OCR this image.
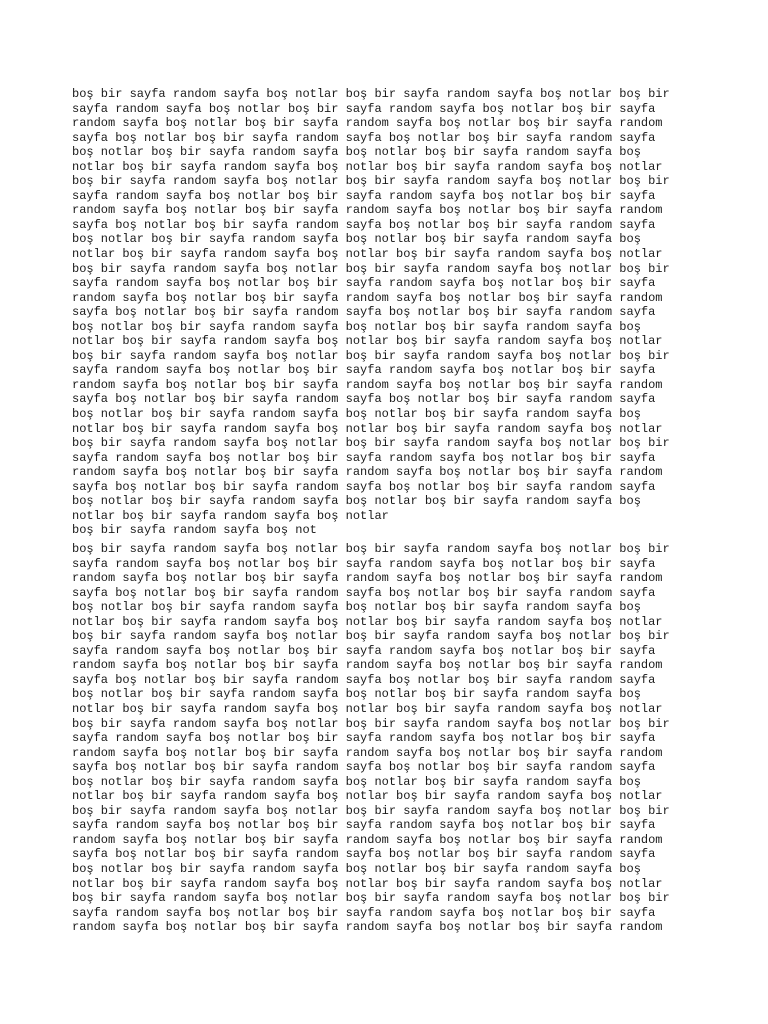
boş bir sayfa random sayfa boş notlar boş bir sayfa random sayfa boş notlar boş bir
sayfa random sayfa boş notlar boş bir sayfa random sayfa boş notlar boş bir sayfa
random sayfa boş notlar boş bir sayfa random sayfa boş notlar boş bir sayfa random
sayfa boş notlar boş bir sayfa random sayfa boş notlar boş bir sayfa random sayfa
boş notlar boş bir sayfa random sayfa boş notlar boş bir sayfa random sayfa boş
notlar boş bir sayfa random sayfa boş notlar boş bir sayfa random sayfa boş notlar
boş bir sayfa random sayfa boş notlar boş bir sayfa random sayfa boş notlar boş bir
sayfa random sayfa boş notlar boş bir sayfa random sayfa boş notlar boş bir sayfa
random sayfa boş notlar boş bir sayfa random sayfa boş notlar boş bir sayfa random
sayfa boş notlar boş bir sayfa random sayfa boş notlar boş bir sayfa random sayfa
boş notlar boş bir sayfa random sayfa boş notlar boş bir sayfa random sayfa boş
notlar boş bir sayfa random sayfa boş notlar boş bir sayfa random sayfa boş notlar
boş bir sayfa random sayfa boş notlar boş bir sayfa random sayfa boş notlar boş bir
sayfa random sayfa boş notlar boş bir sayfa random sayfa boş notlar boş bir sayfa
random sayfa boş notlar boş bir sayfa random sayfa boş notlar boş bir sayfa random
sayfa boş notlar boş bir sayfa random sayfa boş notlar boş bir sayfa random sayfa
boş notlar boş bir sayfa random sayfa boş notlar boş bir sayfa random sayfa boş
notlar boş bir sayfa random sayfa boş notlar boş bir sayfa random sayfa boş notlar
boş bir sayfa random sayfa boş notlar boş bir sayfa random sayfa boş notlar boş bir
sayfa random sayfa boş notlar boş bir sayfa random sayfa boş notlar boş bir sayfa
random sayfa boş notlar boş bir sayfa random sayfa boş notlar boş bir sayfa random
sayfa boş notlar boş bir sayfa random sayfa boş notlar boş bir sayfa random sayfa
boş notlar boş bir sayfa random sayfa boş notlar boş bir sayfa random sayfa boş
notlar boş bir sayfa random sayfa boş notlar boş bir sayfa random sayfa boş notlar
boş bir sayfa random sayfa boş notlar boş bir sayfa random sayfa boş notlar boş bir
sayfa random sayfa boş notlar boş bir sayfa random sayfa boş notlar boş bir sayfa
random sayfa boş notlar boş bir sayfa random sayfa boş notlar boş bir sayfa random
sayfa boş notlar boş bir sayfa random sayfa boş notlar boş bir sayfa random sayfa
boş notlar boş bir sayfa random sayfa boş notlar boş bir sayfa random sayfa boş
notlar boş bir sayfa random sayfa boş notlar
boş bir sayfa random sayfa boş not
boş bir sayfa random sayfa boş notlar boş bir sayfa random sayfa boş notlar boş bir
sayfa random sayfa boş notlar boş bir sayfa random sayfa boş notlar boş bir sayfa
random sayfa boş notlar boş bir sayfa random sayfa boş notlar boş bir sayfa random
sayfa boş notlar boş bir sayfa random sayfa boş notlar boş bir sayfa random sayfa
boş notlar boş bir sayfa random sayfa boş notlar boş bir sayfa random sayfa boş
notlar boş bir sayfa random sayfa boş notlar boş bir sayfa random sayfa boş notlar
boş bir sayfa random sayfa boş notlar boş bir sayfa random sayfa boş notlar boş bir
sayfa random sayfa boş notlar boş bir sayfa random sayfa boş notlar boş bir sayfa
random sayfa boş notlar boş bir sayfa random sayfa boş notlar boş bir sayfa random
sayfa boş notlar boş bir sayfa random sayfa boş notlar boş bir sayfa random sayfa
boş notlar boş bir sayfa random sayfa boş notlar boş bir sayfa random sayfa boş
notlar boş bir sayfa random sayfa boş notlar boş bir sayfa random sayfa boş notlar
boş bir sayfa random sayfa boş notlar boş bir sayfa random sayfa boş notlar boş bir
sayfa random sayfa boş notlar boş bir sayfa random sayfa boş notlar boş bir sayfa
random sayfa boş notlar boş bir sayfa random sayfa boş notlar boş bir sayfa random
sayfa boş notlar boş bir sayfa random sayfa boş notlar boş bir sayfa random sayfa
boş notlar boş bir sayfa random sayfa boş notlar boş bir sayfa random sayfa boş
notlar boş bir sayfa random sayfa boş notlar boş bir sayfa random sayfa boş notlar
boş bir sayfa random sayfa boş notlar boş bir sayfa random sayfa boş notlar boş bir
sayfa random sayfa boş notlar boş bir sayfa random sayfa boş notlar boş bir sayfa
random sayfa boş notlar boş bir sayfa random sayfa boş notlar boş bir sayfa random
sayfa boş notlar boş bir sayfa random sayfa boş notlar boş bir sayfa random sayfa
boş notlar boş bir sayfa random sayfa boş notlar boş bir sayfa random sayfa boş
notlar boş bir sayfa random sayfa boş notlar boş bir sayfa random sayfa boş notlar
boş bir sayfa random sayfa boş notlar boş bir sayfa random sayfa boş notlar boş bir
sayfa random sayfa boş notlar boş bir sayfa random sayfa boş notlar boş bir sayfa
random sayfa boş notlar boş bir sayfa random sayfa boş notlar boş bir sayfa random
